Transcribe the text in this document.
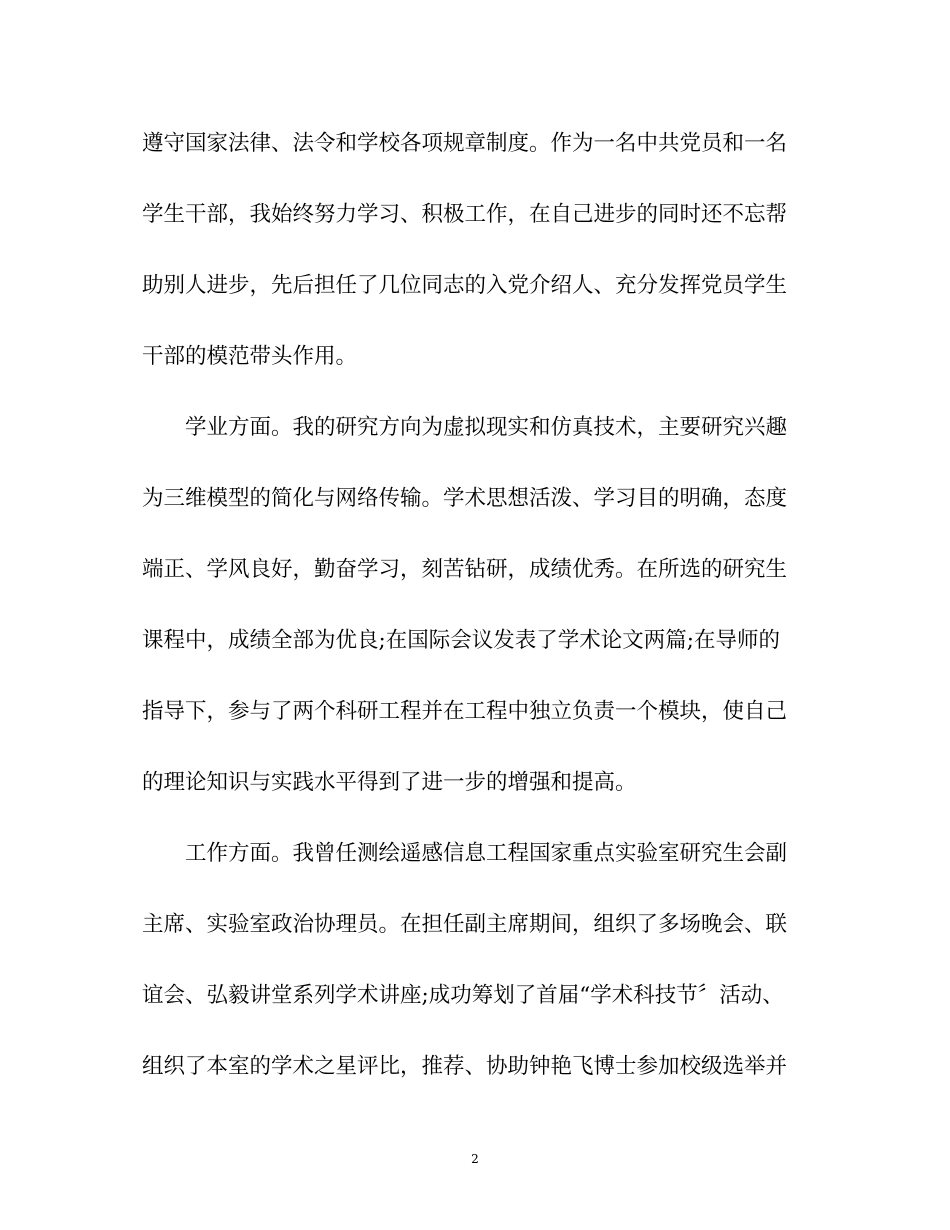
遵守国家法律、法令和学校各项规章制度。作为一名中共党员和一名
学生干部，我始终努力学习、积极工作，在自己进步的同时还不忘帮
助别人进步，先后担任了几位同志的入党介绍人、充分发挥党员学生
干部的模范带头作用。
学业方面。我的研究方向为虚拟现实和仿真技术，主要研究兴趣
为三维模型的简化与网络传输。学术思想活泼、学习目的明确，态度
端正、学风良好，勤奋学习，刻苦钻研，成绩优秀。在所选的研究生
课程中，成绩全部为优良;在国际会议发表了学术论文两篇;在导师的
指导下，参与了两个科研工程并在工程中独立负责一个模块，使自己
的理论知识与实践水平得到了进一步的增强和提高。
工作方面。我曾任测绘遥感信息工程国家重点实验室研究生会副
主席、实验室政治协理员。在担任副主席期间，组织了多场晚会、联
谊会、弘毅讲堂系列学术讲座;成功筹划了首届“学术科技节〞活动、
组织了本室的学术之星评比，推荐、协助钟艳飞博士参加校级选举并
2
